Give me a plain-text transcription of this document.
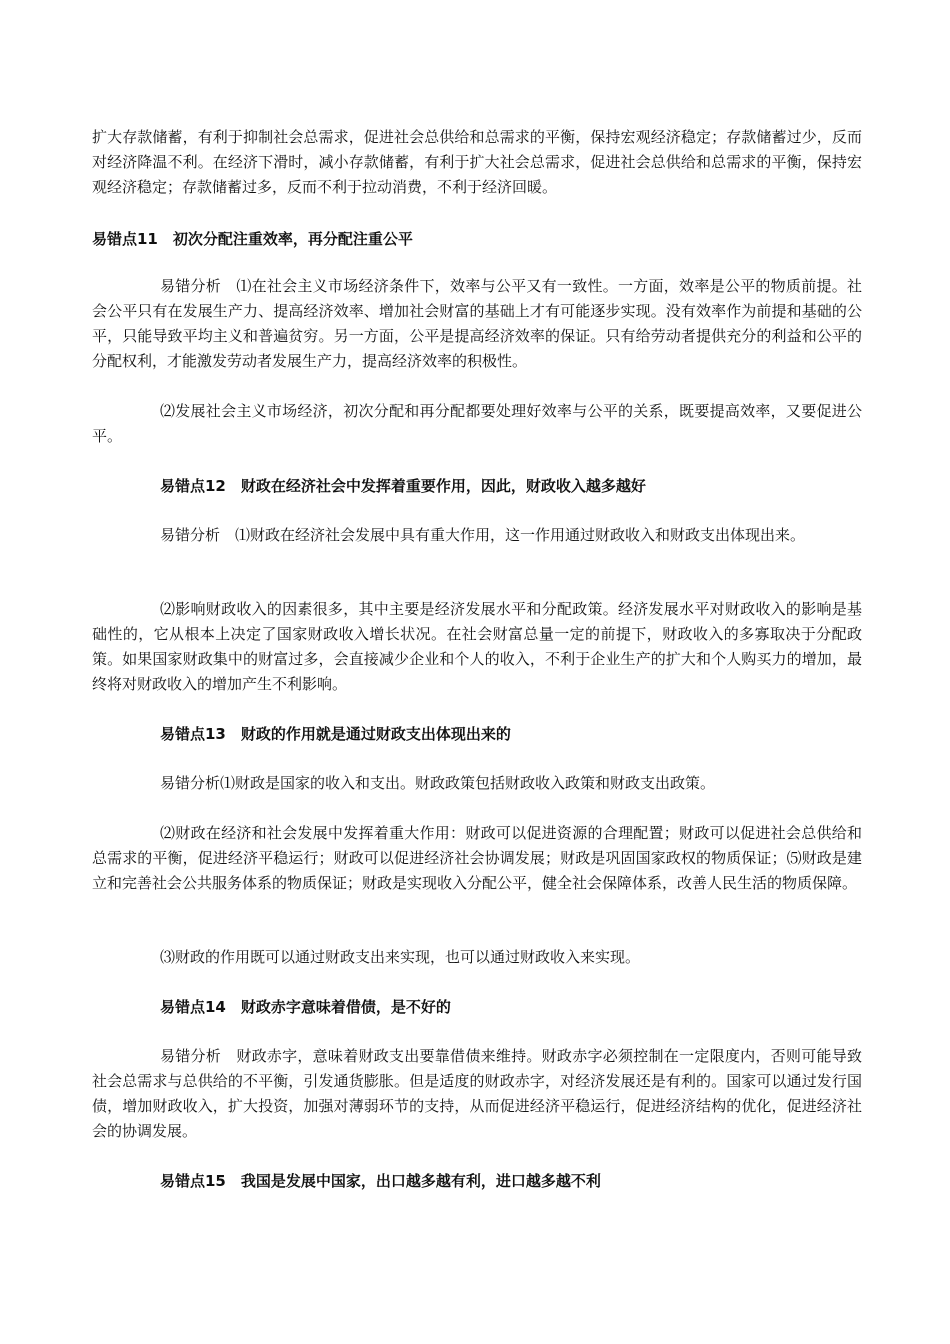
扩大存款储蓄，有利于抑制社会总需求，促进社会总供给和总需求的平衡，保持宏观经济稳定；存款储蓄过少，反而对经济降温不利。在经济下滑时，减小存款储蓄，有利于扩大社会总需求，促进社会总供给和总需求的平衡，保持宏观经济稳定；存款储蓄过多，反而不利于拉动消费，不利于经济回暖。

易错点11　初次分配注重效率，再分配注重公平

易错分析　⑴在社会主义市场经济条件下，效率与公平又有一致性。一方面，效率是公平的物质前提。社会公平只有在发展生产力、提高经济效率、增加社会财富的基础上才有可能逐步实现。没有效率作为前提和基础的公平，只能导致平均主义和普遍贫穷。另一方面，公平是提高经济效率的保证。只有给劳动者提供充分的利益和公平的分配权利，才能激发劳动者发展生产力，提高经济效率的积极性。

⑵发展社会主义市场经济，初次分配和再分配都要处理好效率与公平的关系，既要提高效率，又要促进公平。

易错点12　财政在经济社会中发挥着重要作用，因此，财政收入越多越好

易错分析　⑴财政在经济社会发展中具有重大作用，这一作用通过财政收入和财政支出体现出来。

⑵影响财政收入的因素很多，其中主要是经济发展水平和分配政策。经济发展水平对财政收入的影响是基础性的，它从根本上决定了国家财政收入增长状况。在社会财富总量一定的前提下，财政收入的多寡取决于分配政策。如果国家财政集中的财富过多，会直接减少企业和个人的收入，不利于企业生产的扩大和个人购买力的增加，最终将对财政收入的增加产生不利影响。

易错点13　财政的作用就是通过财政支出体现出来的

易错分析⑴财政是国家的收入和支出。财政政策包括财政收入政策和财政支出政策。

⑵财政在经济和社会发展中发挥着重大作用：财政可以促进资源的合理配置；财政可以促进社会总供给和总需求的平衡，促进经济平稳运行；财政可以促进经济社会协调发展；财政是巩固国家政权的物质保证；⑸财政是建立和完善社会公共服务体系的物质保证；财政是实现收入分配公平，健全社会保障体系，改善人民生活的物质保障。

⑶财政的作用既可以通过财政支出来实现，也可以通过财政收入来实现。

易错点14　财政赤字意味着借债，是不好的

易错分析　财政赤字，意味着财政支出要靠借债来维持。财政赤字必须控制在一定限度内，否则可能导致社会总需求与总供给的不平衡，引发通货膨胀。但是适度的财政赤字，对经济发展还是有利的。国家可以通过发行国债，增加财政收入，扩大投资，加强对薄弱环节的支持，从而促进经济平稳运行，促进经济结构的优化，促进经济社会的协调发展。

易错点15　我国是发展中国家，出口越多越有利，进口越多越不利
